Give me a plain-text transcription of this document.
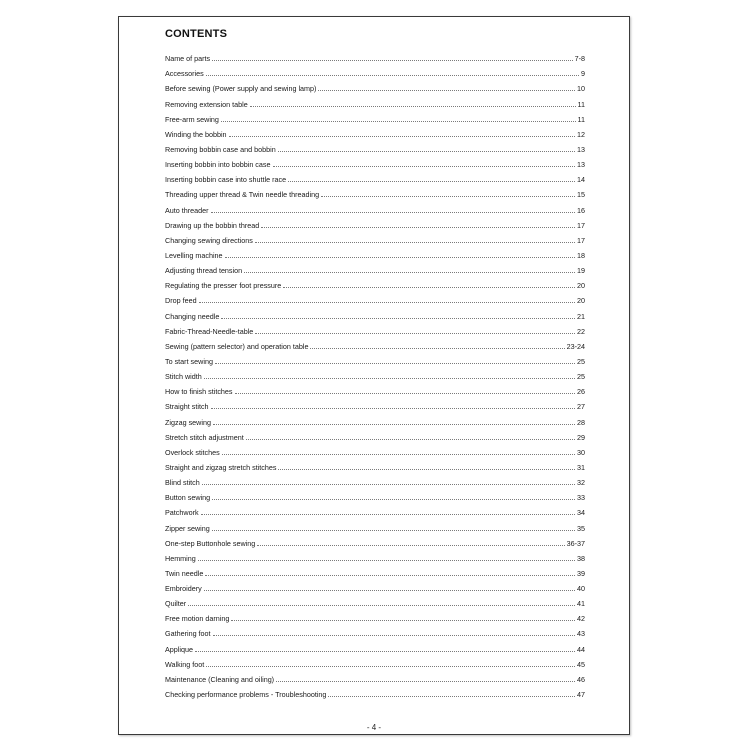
CONTENTS
Name of parts	7-8
Accessories	9
Before sewing (Power supply and sewing lamp)	10
Removing extension table	11
Free-arm sewing	11
Winding the bobbin	12
Removing bobbin case and bobbin	13
Inserting bobbin into bobbin case	13
Inserting bobbin case into shuttle race	14
Threading upper thread & Twin needle threading	15
Auto threader	16
Drawing up the bobbin thread	17
Changing sewing directions	17
Levelling machine	18
Adjusting thread tension	19
Regulating the presser foot pressure	20
Drop feed	20
Changing needle	21
Fabric-Thread-Needle-table	22
Sewing (pattern selector) and operation table	23-24
To start sewing	25
Stitch width	25
How to finish stitches	26
Straight stitch	27
Zigzag sewing	28
Stretch stitch adjustment	29
Overlock stitches	30
Straight and zigzag stretch stitches	31
Blind stitch	32
Button sewing	33
Patchwork	34
Zipper sewing	35
One-step Buttonhole sewing	36-37
Hemming	38
Twin needle	39
Embroidery	40
Quilter	41
Free motion darning	42
Gathering foot	43
Applique	44
Walking foot	45
Maintenance (Cleaning and oiling)	46
Checking performance problems - Troubleshooting	47
- 4 -
